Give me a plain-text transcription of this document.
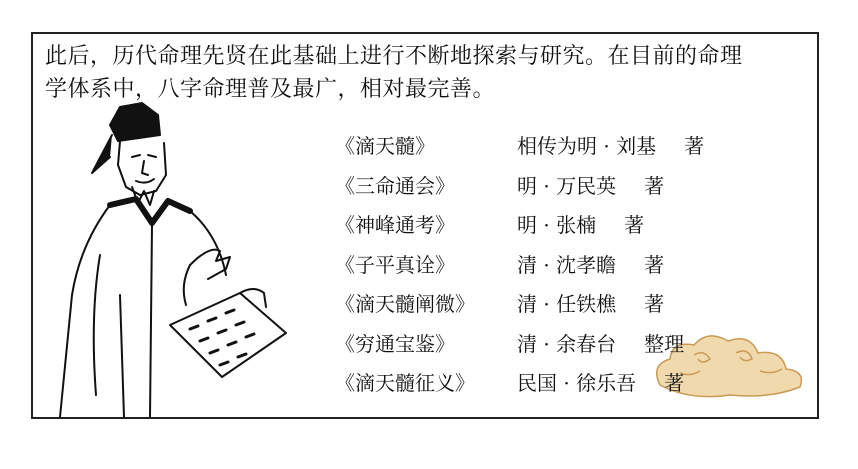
此后，历代命理先贤在此基础上进行不断地探索与研究。在目前的命理
学体系中，八字命理普及最广，相对最完善。
《滴天髓》	相传为明 · 刘基 著
《三命通会》	明 · 万民英 著
《神峰通考》	明 · 张楠 著
《子平真诠》	清 · 沈孝瞻 著
《滴天髓阐微》	清 · 任铁樵 著
《穷通宝鉴》	清 · 余春台 整理
《滴天髓征义》	民国 · 徐乐吾 著
